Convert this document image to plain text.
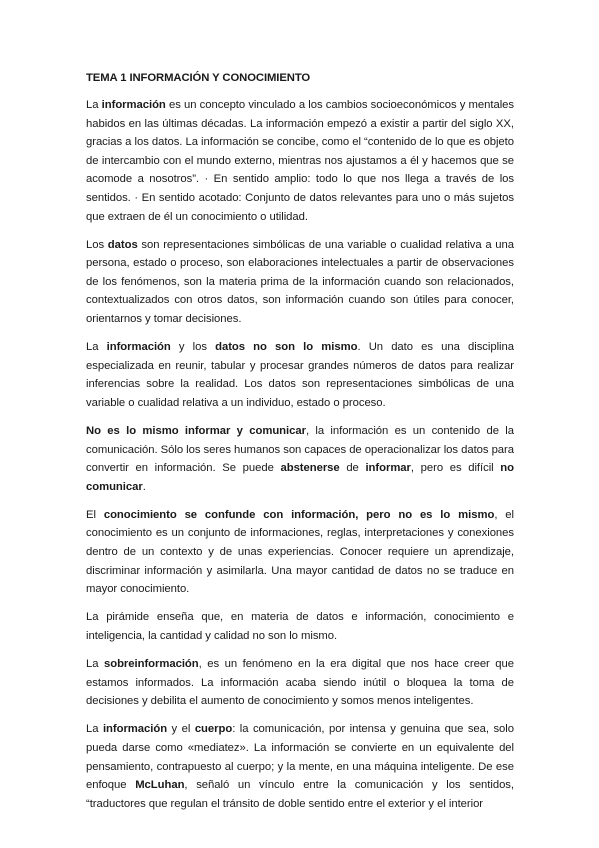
TEMA 1 INFORMACIÓN Y CONOCIMIENTO

La información es un concepto vinculado a los cambios socioeconómicos y mentales habidos en las últimas décadas. La información empezó a existir a partir del siglo XX, gracias a los datos. La información se concibe, como el “contenido de lo que es objeto de intercambio con el mundo externo, mientras nos ajustamos a él y hacemos que se acomode a nosotros”. · En sentido amplio: todo lo que nos llega a través de los sentidos. · En sentido acotado: Conjunto de datos relevantes para uno o más sujetos que extraen de él un conocimiento o utilidad.

Los datos son representaciones simbólicas de una variable o cualidad relativa a una persona, estado o proceso, son elaboraciones intelectuales a partir de observaciones de los fenómenos, son la materia prima de la información cuando son relacionados, contextualizados con otros datos, son información cuando son útiles para conocer, orientarnos y tomar decisiones.

La información y los datos no son lo mismo. Un dato es una disciplina especializada en reunir, tabular y procesar grandes números de datos para realizar inferencias sobre la realidad. Los datos son representaciones simbólicas de una variable o cualidad relativa a un individuo, estado o proceso.

No es lo mismo informar y comunicar, la información es un contenido de la comunicación. Sólo los seres humanos son capaces de operacionalizar los datos para convertir en información. Se puede abstenerse de informar, pero es difícil no comunicar.

El conocimiento se confunde con información, pero no es lo mismo, el conocimiento es un conjunto de informaciones, reglas, interpretaciones y conexiones dentro de un contexto y de unas experiencias. Conocer requiere un aprendizaje, discriminar información y asimilarla. Una mayor cantidad de datos no se traduce en mayor conocimiento.

La pirámide enseña que, en materia de datos e información, conocimiento e inteligencia, la cantidad y calidad no son lo mismo.

La sobreinformación, es un fenómeno en la era digital que nos hace creer que estamos informados. La información acaba siendo inútil o bloquea la toma de decisiones y debilita el aumento de conocimiento y somos menos inteligentes.

La información y el cuerpo: la comunicación, por intensa y genuina que sea, solo pueda darse como «mediatez». La información se convierte en un equivalente del pensamiento, contrapuesto al cuerpo; y la mente, en una máquina inteligente. De ese enfoque McLuhan, señaló un vínculo entre la comunicación y los sentidos, “traductores que regulan el tránsito de doble sentido entre el exterior y el interior
